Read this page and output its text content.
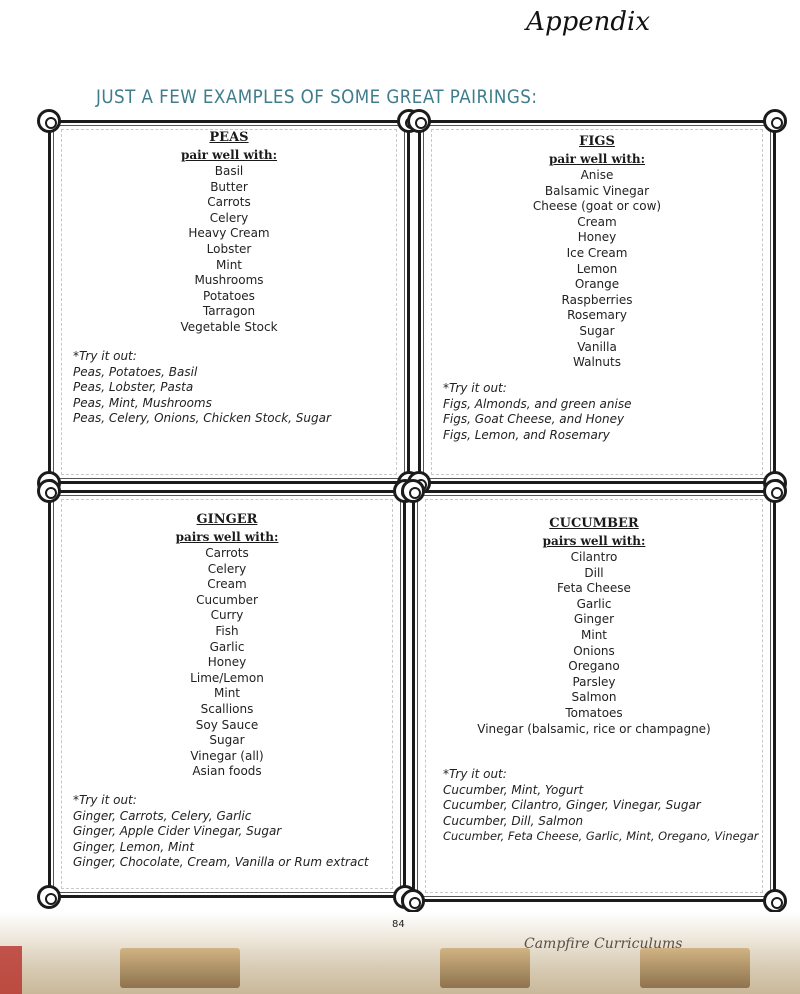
Appendix
JUST A FEW EXAMPLES OF SOME GREAT PAIRINGS:
PEAS
pair well with:
Basil
Butter
Carrots
Celery
Heavy Cream
Lobster
Mint
Mushrooms
Potatoes
Tarragon
Vegetable Stock
*Try it out:
Peas, Potatoes, Basil
Peas, Lobster, Pasta
Peas, Mint, Mushrooms
Peas, Celery, Onions, Chicken Stock, Sugar
FIGS
pair well with:
Anise
Balsamic Vinegar
Cheese (goat or cow)
Cream
Honey
Ice Cream
Lemon
Orange
Raspberries
Rosemary
Sugar
Vanilla
Walnuts
*Try it out:
Figs, Almonds, and green anise
Figs, Goat Cheese, and Honey
Figs, Lemon, and Rosemary
GINGER
pairs well with:
Carrots
Celery
Cream
Cucumber
Curry
Fish
Garlic
Honey
Lime/Lemon
Mint
Scallions
Soy Sauce
Sugar
Vinegar (all)
Asian foods
*Try it out:
Ginger, Carrots, Celery, Garlic
Ginger, Apple Cider Vinegar, Sugar
Ginger, Lemon, Mint
Ginger, Chocolate, Cream, Vanilla or Rum extract
CUCUMBER
pairs well with:
Cilantro
Dill
Feta Cheese
Garlic
Ginger
Mint
Onions
Oregano
Parsley
Salmon
Tomatoes
Vinegar (balsamic, rice or champagne)
*Try it out:
Cucumber, Mint, Yogurt
Cucumber, Cilantro, Ginger, Vinegar, Sugar
Cucumber, Dill, Salmon
Cucumber, Feta Cheese, Garlic, Mint, Oregano, Vinegar
84
Campfire Curriculums
